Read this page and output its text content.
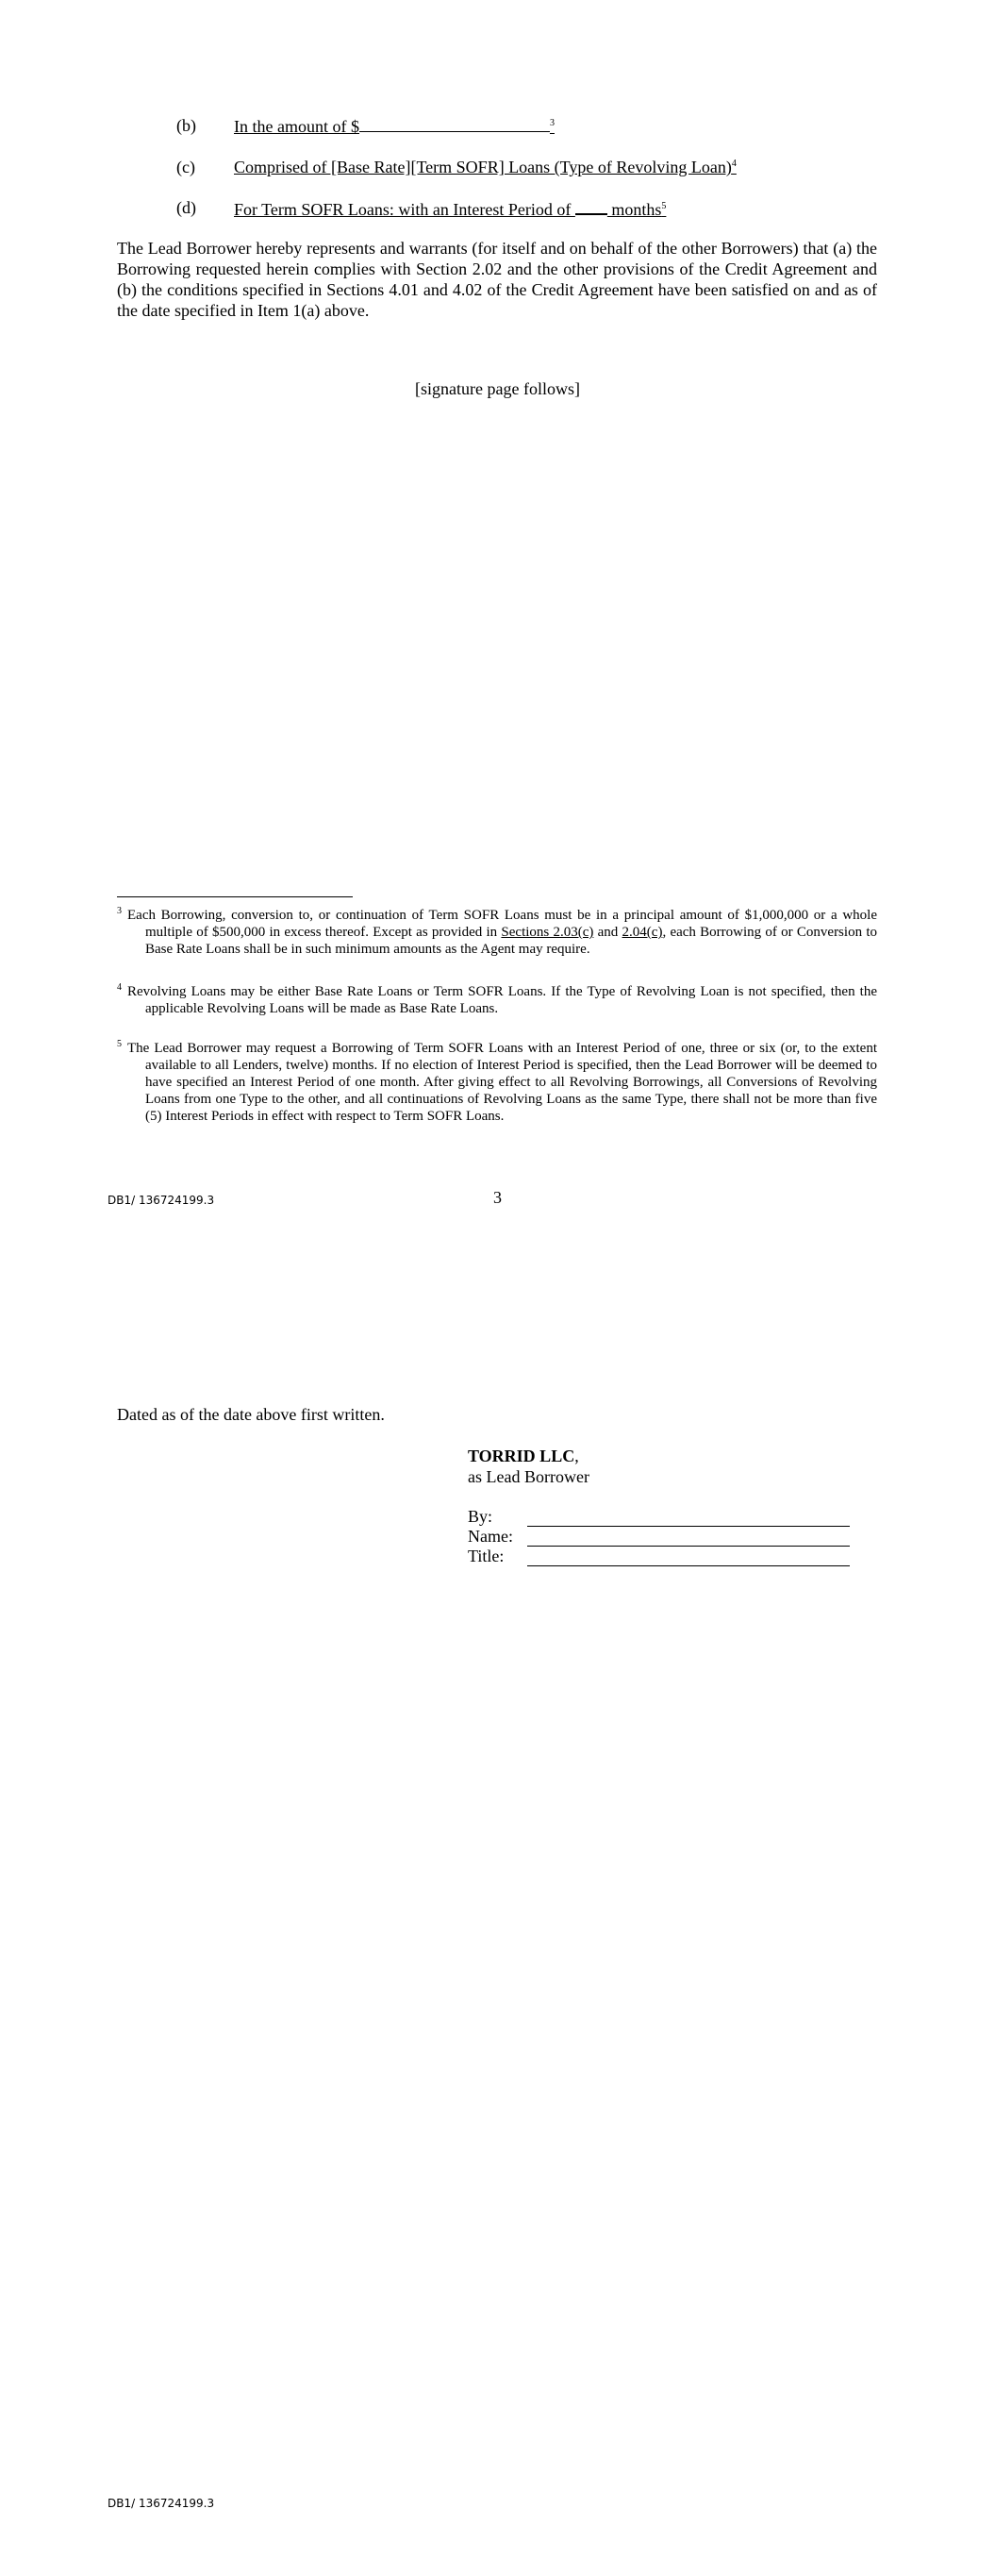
(b) In the amount of $	$^3$
(c) Comprised of [Base Rate][Term SOFR] Loans (Type of Revolving Loan)$^4$
(d) For Term SOFR Loans: with an Interest Period of  months$^5$
The Lead Borrower hereby represents and warrants (for itself and on behalf of the other Borrowers) that (a) the Borrowing requested herein complies with Section 2.02 and the other provisions of the Credit Agreement and (b) the conditions specified in Sections 4.01 and 4.02 of the Credit Agreement have been satisfied on and as of the date specified in Item 1(a) above.
[signature page follows]
$^3$ Each Borrowing, conversion to, or continuation of Term SOFR Loans must be in a principal amount of $1,000,000 or a whole multiple of $500,000 in excess thereof. Except as provided in Sections 2.03(c) and 2.04(c), each Borrowing of or Conversion to Base Rate Loans shall be in such minimum amounts as the Agent may require.
$^4$ Revolving Loans may be either Base Rate Loans or Term SOFR Loans. If the Type of Revolving Loan is not specified, then the applicable Revolving Loans will be made as Base Rate Loans.
$^5$ The Lead Borrower may request a Borrowing of Term SOFR Loans with an Interest Period of one, three or six (or, to the extent available to all Lenders, twelve) months. If no election of Interest Period is specified, then the Lead Borrower will be deemed to have specified an Interest Period of one month. After giving effect to all Revolving Borrowings, all Conversions of Revolving Loans from one Type to the other, and all continuations of Revolving Loans as the same Type, there shall not be more than five (5) Interest Periods in effect with respect to Term SOFR Loans.
DB1/ 136724199.3	3
Dated as of the date above first written.
TORRID LLC,
as Lead Borrower
By:
Name:
Title:
DB1/ 136724199.3
